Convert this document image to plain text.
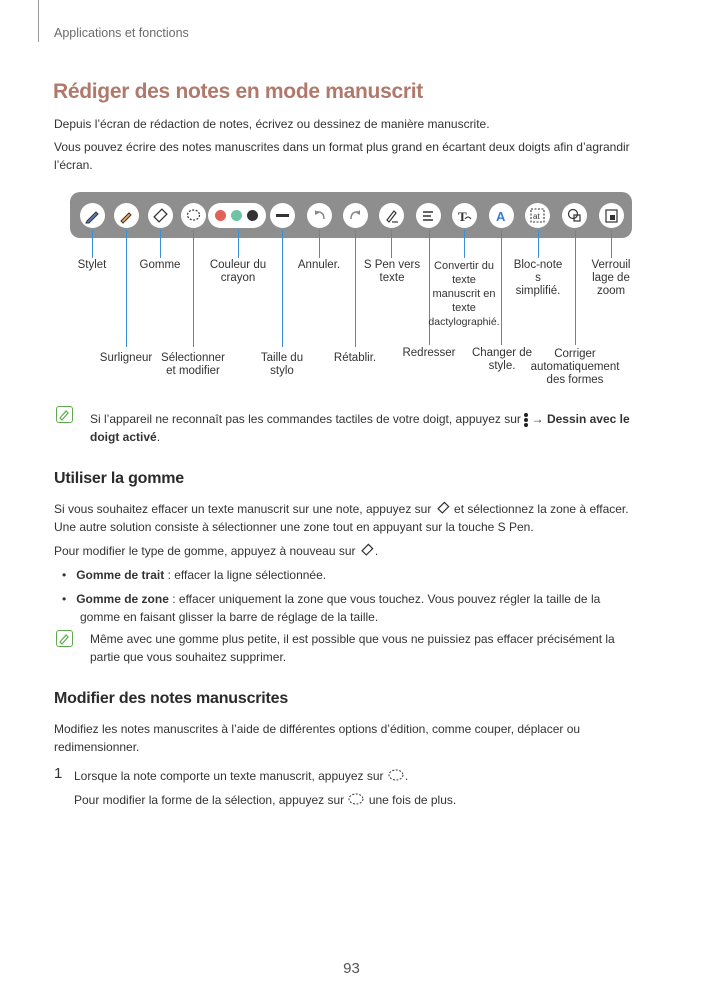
Applications et fonctions
Rédiger des notes en mode manuscrit
Depuis l’écran de rédaction de notes, écrivez ou dessinez de manière manuscrite.
Vous pouvez écrire des notes manuscrites dans un format plus grand en écartant deux doigts afin d’agrandir
l’écran.
T A	at
Stylet	Gomme	Couleur du
crayon
Annuler.	S Pen vers
texte
Convertir du
texte
manuscrit en
texte
dactylographié.
Bloc-note
s
simplifié.
Verrouil
lage de
zoom
Surligneur Sélectionner
et modifier
Taille du
stylo
Rétablir.	Redresser	Changer de
style.
Corriger
automatiquement
des formes
Si l’appareil ne reconnaît pas les commandes tactiles de votre doigt, appuyez sur → Dessin avec le
doigt activé.
Utiliser la gomme
Si vous souhaitez effacer un texte manuscrit sur une note, appuyez sur et sélectionnez la zone à effacer.
Une autre solution consiste à sélectionner une zone tout en appuyant sur la touche S Pen.
Pour modifier le type de gomme, appuyez à nouveau sur .
•   Gomme de trait : effacer la ligne sélectionnée.
•   Gomme de zone : effacer uniquement la zone que vous touchez. Vous pouvez régler la taille de la
gomme en faisant glisser la barre de réglage de la taille.
Même avec une gomme plus petite, il est possible que vous ne puissiez pas effacer précisément la
partie que vous souhaitez supprimer.
Modifier des notes manuscrites
Modifiez les notes manuscrites à l’aide de différentes options d’édition, comme couper, déplacer ou
redimensionner.
1 Lorsque la note comporte un texte manuscrit, appuyez sur .
Pour modifier la forme de la sélection, appuyez sur une fois de plus.
93
